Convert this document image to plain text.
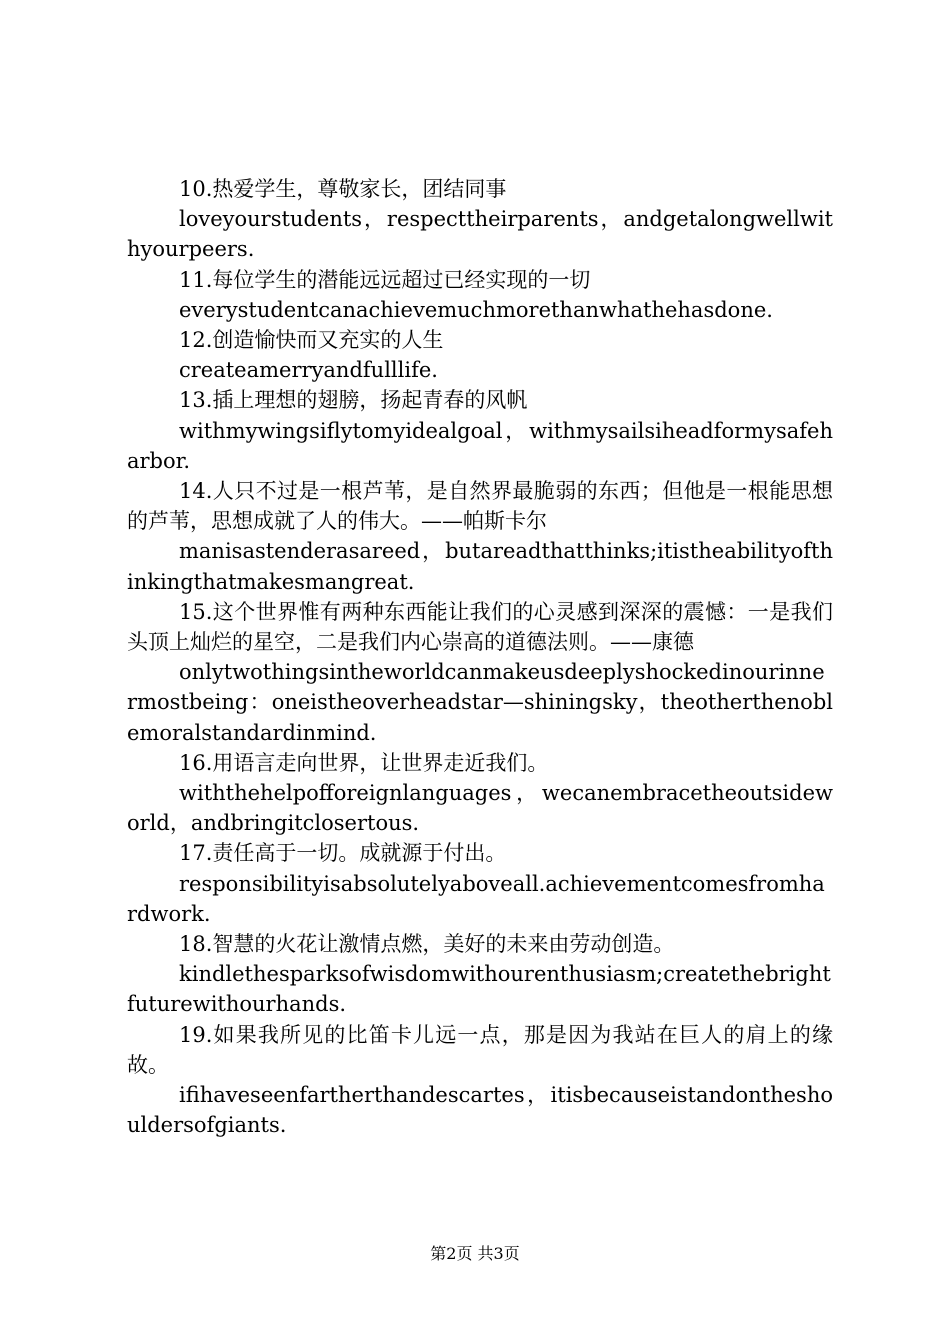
10.热爱学生，尊敬家长，团结同事

loveyourstudents，respecttheirparents，andgetalongwellwithyourpeers.

11.每位学生的潜能远远超过已经实现的一切

everystudentcanachievemuchmorethanwhathehasdone.

12.创造愉快而又充实的人生

createamerryandfulllife.

13.插上理想的翅膀，扬起青春的风帆

withmywingsiflytomyidealgoal，withmysailsiheadformysafeharbor.

14.人只不过是一根芦苇，是自然界最脆弱的东西；但他是一根能思想的芦苇，思想成就了人的伟大。——帕斯卡尔

manisastenderasareed，butareadthatthinks;itistheabilityofthinkingthatmakesmangreat.

15.这个世界惟有两种东西能让我们的心灵感到深深的震憾：一是我们头顶上灿烂的星空，二是我们内心崇高的道德法则。——康德

onlytwothingsintheworldcanmakeusdeeplyshockedinourinnermostbeing：oneistheoverheadstar—shiningsky，theotherthenoblemoralstandardinmind.

16.用语言走向世界，让世界走近我们。

withthehelpofforeignlanguages，wecanembracetheoutsideworld，andbringitclosertous.

17.责任高于一切。成就源于付出。

responsibilityisabsolutelyaboveall.achievementcomesfromhardwork.

18.智慧的火花让激情点燃，美好的未来由劳动创造。

kindlethesparksofwisdomwithourenthusiasm;createthebrightfuturewithourhands.

19.如果我所见的比笛卡儿远一点，那是因为我站在巨人的肩上的缘故。

ifihaveseenfartherthandescartes，itisbecauseistandontheshouldersofgiants.

第2页 共3页
